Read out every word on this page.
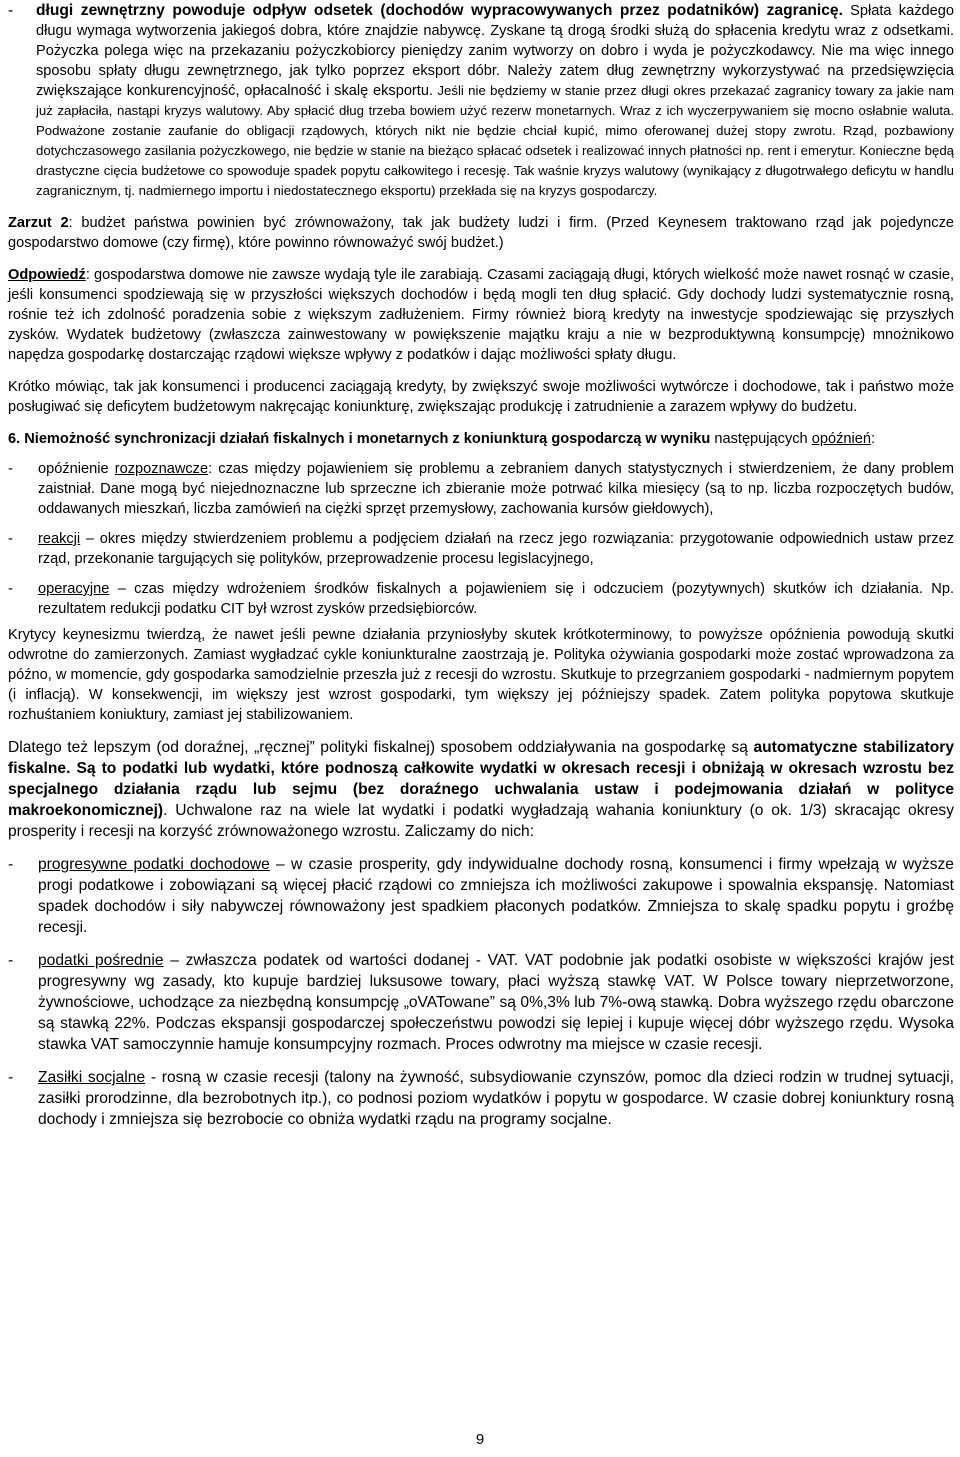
- długi zewnętrzny powoduje odpływ odsetek (dochodów wypracowywanych przez podatników) zagranicę. Spłata każdego długu wymaga wytworzenia jakiegoś dobra, które znajdzie nabywcę. Zyskane tą drogą środki służą do spłacenia kredytu wraz z odsetkami. Pożyczka polega więc na przekazaniu pożyczkobiorcy pieniędzy zanim wytworzy on dobro i wyda je pożyczkodawcy. Nie ma więc innego sposobu spłaty długu zewnętrznego, jak tylko poprzez eksport dóbr. Należy zatem dług zewnętrzny wykorzystywać na przedsięwzięcia zwiększające konkurencyjność, opłacalność i skalę eksportu. Jeśli nie będziemy w stanie przez długi okres przekazać zagranicy towary za jakie nam już zapłaciła, nastąpi kryzys walutowy. Aby spłacić dług trzeba bowiem użyć rezerw monetarnych. Wraz z ich wyczerpywaniem się mocno osłabnie waluta. Podważone zostanie zaufanie do obligacji rządowych, których nikt nie będzie chciał kupić, mimo oferowanej dużej stopy zwrotu. Rząd, pozbawiony dotychczasowego zasilania pożyczkowego, nie będzie w stanie na bieżąco spłacać odsetek i realizować innych płatności np. rent i emerytur. Konieczne będą drastyczne cięcia budżetowe co spowoduje spadek popytu całkowitego i recesję. Tak waśnie kryzys walutowy (wynikający z długotrwałego deficytu w handlu zagranicznym, tj. nadmiernego importu i niedostatecznego eksportu) przekłada się na kryzys gospodarczy.

Zarzut 2: budżet państwa powinien być zrównoważony, tak jak budżety ludzi i firm. (Przed Keynesem traktowano rząd jak pojedyncze gospodarstwo domowe (czy firmę), które powinno równoważyć swój budżet.)

Odpowiedź: gospodarstwa domowe nie zawsze wydają tyle ile zarabiają. Czasami zaciągają długi, których wielkość może nawet rosnąć w czasie, jeśli konsumenci spodziewają się w przyszłości większych dochodów i będą mogli ten dług spłacić. Gdy dochody ludzi systematycznie rosną, rośnie też ich zdolność poradzenia sobie z większym zadłużeniem. Firmy również biorą kredyty na inwestycje spodziewając się przyszłych zysków. Wydatek budżetowy (zwłaszcza zainwestowany w powiększenie majątku kraju a nie w bezproduktywną konsumpcję) mnożnikowo napędza gospodarkę dostarczając rządowi większe wpływy z podatków i dając możliwości spłaty długu.

Krótko mówiąc, tak jak konsumenci i producenci zaciągają kredyty, by zwiększyć swoje możliwości wytwórcze i dochodowe, tak i państwo może posługiwać się deficytem budżetowym nakręcając koniunkturę, zwiększając produkcję i zatrudnienie a zarazem wpływy do budżetu.

6. Niemożność synchronizacji działań fiskalnych i monetarnych z koniunkturą gospodarczą w wyniku następujących opóźnień:

- opóźnienie rozpoznawcze: czas między pojawieniem się problemu a zebraniem danych statystycznych i stwierdzeniem, że dany problem zaistniał. Dane mogą być niejednoznaczne lub sprzeczne ich zbieranie może potrwać kilka miesięcy (są to np. liczba rozpoczętych budów, oddawanych mieszkań, liczba zamówień na ciężki sprzęt przemysłowy, zachowania kursów giełdowych),

- reakcji – okres między stwierdzeniem problemu a podjęciem działań na rzecz jego rozwiązania: przygotowanie odpowiednich ustaw przez rząd, przekonanie targujących się polityków, przeprowadzenie procesu legislacyjnego,

- operacyjne – czas między wdrożeniem środków fiskalnych a pojawieniem się i odczuciem (pozytywnych) skutków ich działania. Np. rezultatem redukcji podatku CIT był wzrost zysków przedsiębiorców.

Krytycy keynesizmu twierdzą, że nawet jeśli pewne działania przyniosłyby skutek krótkoterminowy, to powyższe opóźnienia powodują skutki odwrotne do zamierzonych. Zamiast wygładzać cykle koniunkturalne zaostrzają je. Polityka ożywiania gospodarki może zostać wprowadzona za późno, w momencie, gdy gospodarka samodzielnie przeszła już z recesji do wzrostu. Skutkuje to przegrzaniem gospodarki - nadmiernym popytem (i inflacją). W konsekwencji, im większy jest wzrost gospodarki, tym większy jej późniejszy spadek. Zatem polityka popytowa skutkuje rozhuśtaniem koniuktury, zamiast jej stabilizowaniem.

Dlatego też lepszym (od doraźnej, „ręcznej” polityki fiskalnej) sposobem oddziaływania na gospodarkę są automatyczne stabilizatory fiskalne. Są to podatki lub wydatki, które podnoszą całkowite wydatki w okresach recesji i obniżają w okresach wzrostu bez specjalnego działania rządu lub sejmu (bez doraźnego uchwalania ustaw i podejmowania działań w polityce makroekonomicznej). Uchwalone raz na wiele lat wydatki i podatki wygładzają wahania koniunktury (o ok. 1/3) skracając okresy prosperity i recesji na korzyść zrównoważonego wzrostu. Zaliczamy do nich:

- progresywne podatki dochodowe – w czasie prosperity, gdy indywidualne dochody rosną, konsumenci i firmy wpełzają w wyższe progi podatkowe i zobowiązani są więcej płacić rządowi co zmniejsza ich możliwości zakupowe i spowalnia ekspansję. Natomiast spadek dochodów i siły nabywczej równoważony jest spadkiem płaconych podatków. Zmniejsza to skalę spadku popytu i groźbę recesji.

- podatki pośrednie – zwłaszcza podatek od wartości dodanej - VAT. VAT podobnie jak podatki osobiste w większości krajów jest progresywny wg zasady, kto kupuje bardziej luksusowe towary, płaci wyższą stawkę VAT. W Polsce towary nieprzetworzone, żywnościowe, uchodzące za niezbędną konsumpcję „oVATowane” są 0%,3% lub 7%-ową stawką. Dobra wyższego rzędu obarczone są stawką 22%. Podczas ekspansji gospodarczej społeczeństwu powodzi się lepiej i kupuje więcej dóbr wyższego rzędu. Wysoka stawka VAT samoczynnie hamuje konsumpcyjny rozmach. Proces odwrotny ma miejsce w czasie recesji.

- Zasiłki socjalne - rosną w czasie recesji (talony na żywność, subsydiowanie czynszów, pomoc dla dzieci rodzin w trudnej sytuacji, zasiłki prorodzinne, dla bezrobotnych itp.), co podnosi poziom wydatków i popytu w gospodarce. W czasie dobrej koniunktury rosną dochody i zmniejsza się bezrobocie co obniża wydatki rządu na programy socjalne.

9
